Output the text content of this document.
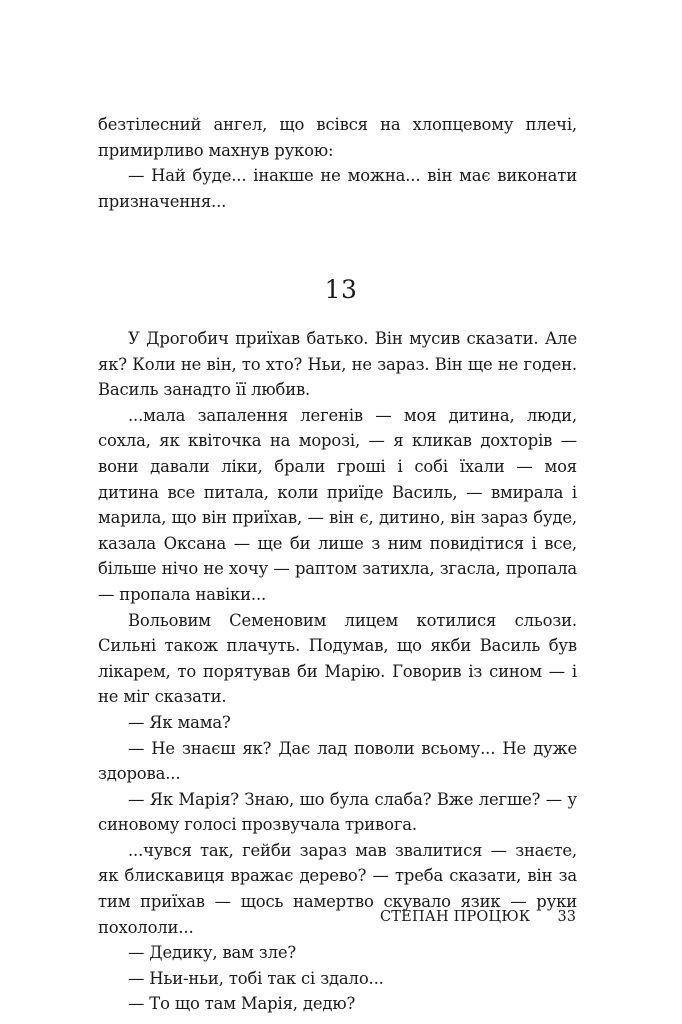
безтілесний ангел, що всівся на хлопцевому плечі, примирливо махнув рукою:

— Най буде... інакше не можна... він має виконати призначення...

13

У Дрогобич приїхав батько. Він мусив сказати. Але як? Коли не він, то хто? Ньи, не зараз. Він ще не годен. Василь занадто її любив.

...мала запалення легенів — моя дитина, люди, сохла, як квіточка на морозі, — я кликав дохторів — вони давали ліки, брали гроші і собі їхали — моя дитина все питала, коли приїде Василь, — вмирала і марила, що він приїхав, — він є, дитино, він зараз буде, казала Оксана — ще би лише з ним повидітися і все, більше нічо не хочу — раптом затихла, згасла, пропала — пропала навіки...

Вольовим Семеновим лицем котилися сльози. Сильні також плачуть. Подумав, що якби Василь був лікарем, то порятував би Марію. Говорив із сином — і не міг сказати.

— Як мама?

— Не знаєш як? Дає лад поволи всьому... Не дуже здорова...

— Як Марія? Знаю, шо була слаба? Вже легше? — у синовому голосі прозвучала тривога.

...чувся так, гейби зараз мав звалитися — знаєте, як блискавиця вражає дерево? — треба сказати, він за тим приїхав — щось намертво скувало язик — руки похололи...

— Дедику, вам зле?

— Ньи-ньи, тобі так сі здало...

— То що там Марія, дедю?

СТЕПАН ПРОЦЮК 33
